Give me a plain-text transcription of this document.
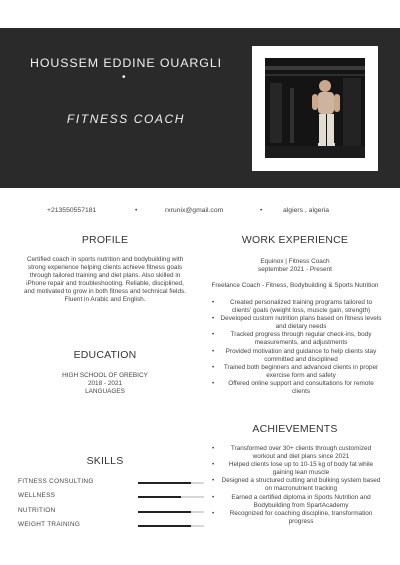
HOUSSEM EDDINE OUARGLI
•
FITNESS COACH
+213550557181	•	rxrunix@gmail.com	•	algiers , algeria
PROFILE
Certified coach in sports nutrition and bodybuilding with strong experience helping clients achieve fitness goals through tailored training and diet plans. Also skilled in iPhone repair and troubleshooting. Reliable, disciplined, and motivated to grow in both fitness and technical fields. Fluent in Arabic and English.
EDUCATION
HIGH SCHOOL OF GREBICY
2018 - 2021
LANGUAGES
SKILLS
FITNESS CONSULTING
WELLNESS
NUTRITION
WEIGHT TRAINING
WORK EXPERIENCE
Equinox | Fitness Coach
september 2021 - Present
Freelance Coach - Fitness, Bodybuilding & Sports Nutrition
• Created personalized training programs tailored to clients' goals (weight loss, muscle gain, strength)
• Developed custom nutrition plans based on fitness levels and dietary needs
• Tracked progress through regular check-ins, body measurements, and adjustments
• Provided motivation and guidance to help clients stay committed and disciplined
• Trained both beginners and advanced clients in proper exercise form and safety
• Offered online support and consultations for remote clients
ACHIEVEMENTS
• Transformed over 30+ clients through customized workout and diet plans since 2021
• Helped clients lose up to 10-15 kg of body fat while gaining lean muscle
• Designed a structured cutting and bulking system based on macronutrient tracking
• Earned a certified diploma in Sports Nutrition and Bodybuilding from SpartAcademy
• Recognized for coaching discipline, transformation progress
